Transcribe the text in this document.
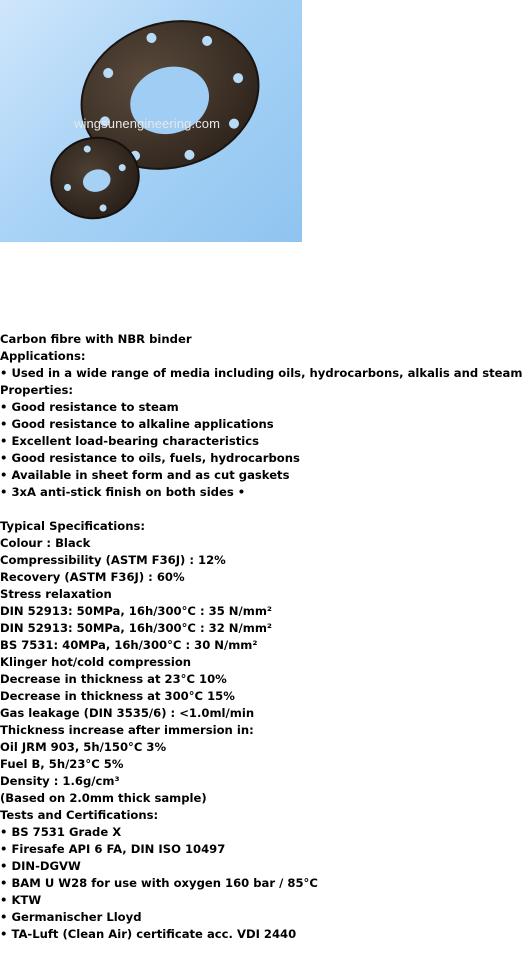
wingsunengineering.com
Carbon fibre with NBR binder
Applications:
• Used in a wide range of media including oils, hydrocarbons, alkalis and steam
Properties:
• Good resistance to steam
• Good resistance to alkaline applications
• Excellent load-bearing characteristics
• Good resistance to oils, fuels, hydrocarbons
• Available in sheet form and as cut gaskets
• 3xA anti-stick finish on both sides •
Typical Specifications:
Colour : Black
Compressibility (ASTM F36J) : 12%
Recovery (ASTM F36J) : 60%
Stress relaxation
DIN 52913: 50MPa, 16h/300°C : 35 N/mm²
DIN 52913: 50MPa, 16h/300°C : 32 N/mm²
BS 7531: 40MPa, 16h/300°C : 30 N/mm²
Klinger hot/cold compression
Decrease in thickness at 23°C 10%
Decrease in thickness at 300°C 15%
Gas leakage (DIN 3535/6) : <1.0ml/min
Thickness increase after immersion in:
Oil JRM 903, 5h/150°C 3%
Fuel B, 5h/23°C 5%
Density : 1.6g/cm³
(Based on 2.0mm thick sample)
Tests and Certifications:
• BS 7531 Grade X
• Firesafe API 6 FA, DIN ISO 10497
• DIN-DGVW
• BAM U W28 for use with oxygen 160 bar / 85°C
• KTW
• Germanischer Lloyd
• TA-Luft (Clean Air) certificate acc. VDI 2440
